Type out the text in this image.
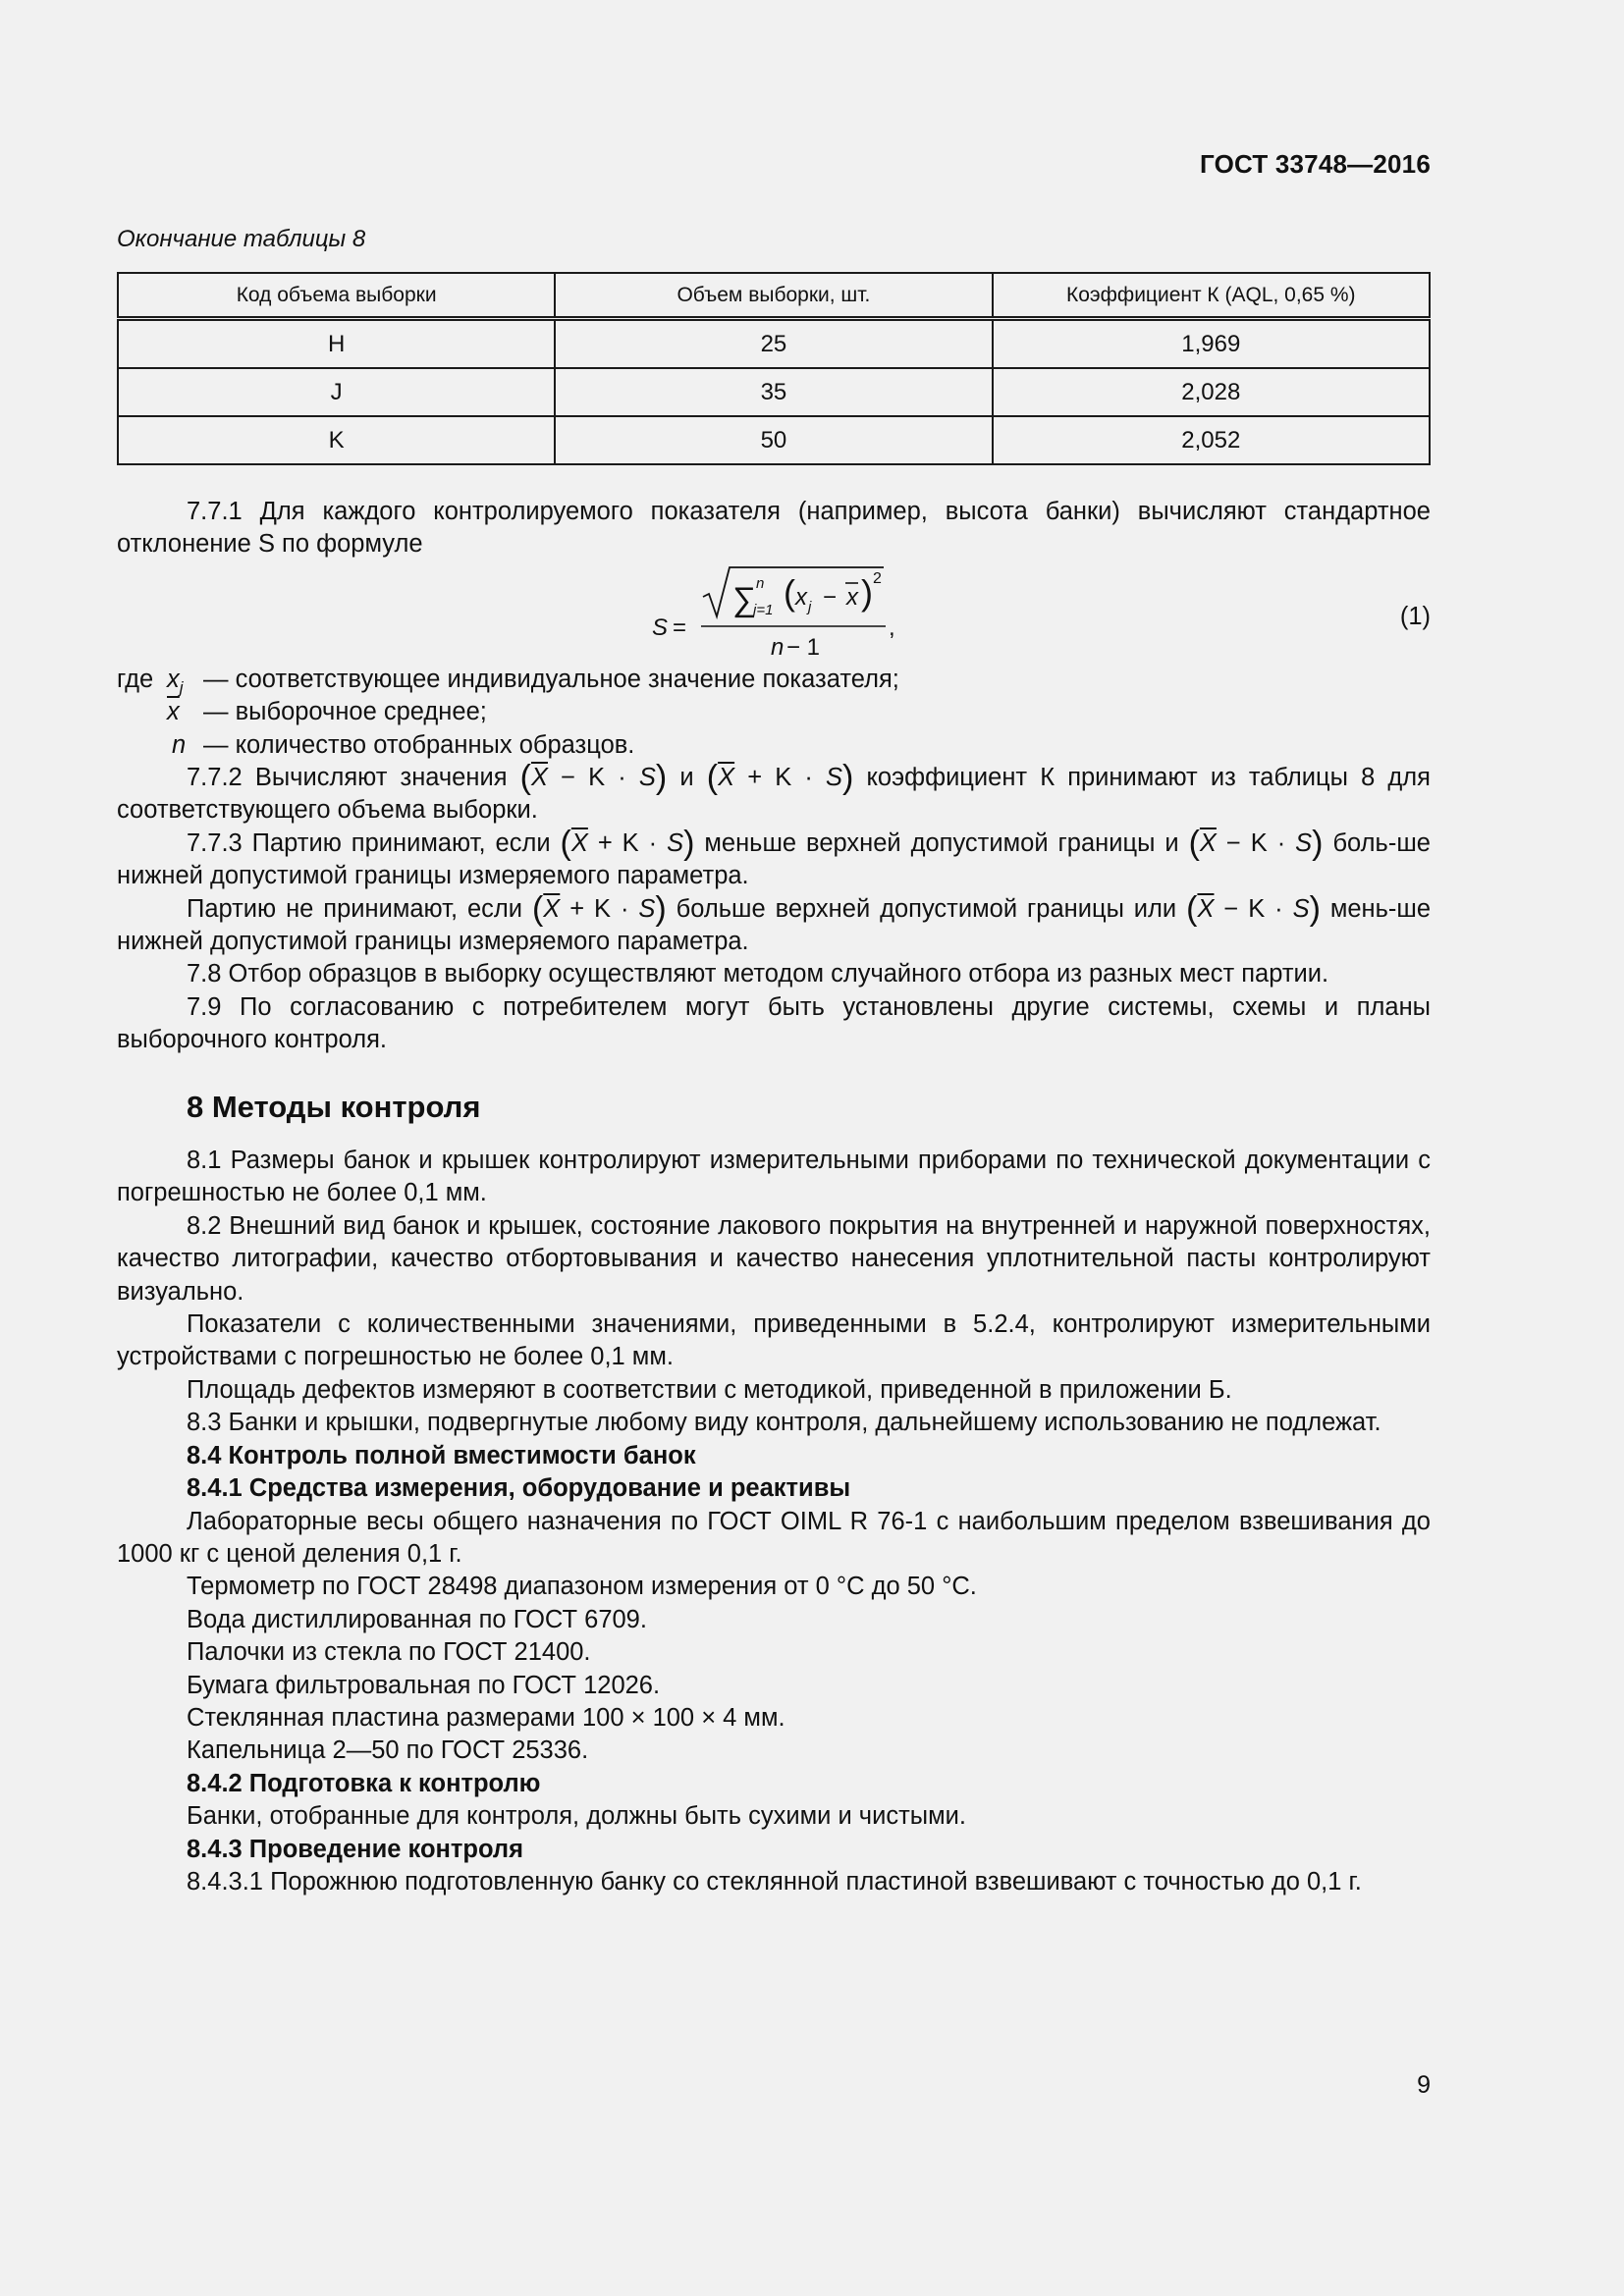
ГОСТ 33748—2016
Окончание таблицы 8
Код объема выборки	Объем выборки, шт.	Коэффициент К (AQL, 0,65 %)
H	25	1,969
J	35	2,028
K	50	2,052

7.7.1 Для каждого контролируемого показателя (например, высота банки) вычисляют стандартное отклонение S по формуле

S =
∑ n
j=1 ( x j − x ) 2
n − 1
,	(1)
где $x_j$ — соответствующее индивидуальное значение показателя;
$\overline{x}$ — выборочное среднее;
n — количество отобранных образцов.

7.7.2 Вычисляют значения $(\overline{X} - K \cdot S)$ и $(\overline{X} + K \cdot S)$ коэффициент К принимают из таблицы 8 для соответствующего объема выборки.

7.7.3 Партию принимают, если $(\overline{X} + K \cdot S)$ меньше верхней допустимой границы и $(\overline{X} - K \cdot S)$ боль-ше нижней допустимой границы измеряемого параметра.

Партию не принимают, если $(\overline{X} + K \cdot S)$ больше верхней допустимой границы или $(\overline{X} - K \cdot S)$ мень-ше нижней допустимой границы измеряемого параметра.

7.8 Отбор образцов в выборку осуществляют методом случайного отбора из разных мест партии.

7.9 По согласованию с потребителем могут быть установлены другие системы, схемы и планы выборочного контроля.

8 Методы контроля

8.1 Размеры банок и крышек контролируют измерительными приборами по технической документации с погрешностью не более 0,1 мм.

8.2 Внешний вид банок и крышек, состояние лакового покрытия на внутренней и наружной поверхностях, качество литографии, качество отбортовывания и качество нанесения уплотнительной пасты контролируют визуально.

Показатели с количественными значениями, приведенными в 5.2.4, контролируют измерительными устройствами с погрешностью не более 0,1 мм.

Площадь дефектов измеряют в соответствии с методикой, приведенной в приложении Б.

8.3 Банки и крышки, подвергнутые любому виду контроля, дальнейшему использованию не подлежат.

8.4 Контроль полной вместимости банок

8.4.1 Средства измерения, оборудование и реактивы

Лабораторные весы общего назначения по ГОСТ OIML R 76-1 с наибольшим пределом взвешивания до 1000 кг с ценой деления 0,1 г.

Термометр по ГОСТ 28498 диапазоном измерения от 0 °С до 50 °С.

Вода дистиллированная по ГОСТ 6709.

Палочки из стекла по ГОСТ 21400.

Бумага фильтровальная по ГОСТ 12026.

Стеклянная пластина размерами 100 × 100 × 4 мм.

Капельница 2—50 по ГОСТ 25336.

8.4.2 Подготовка к контролю

Банки, отобранные для контроля, должны быть сухими и чистыми.

8.4.3 Проведение контроля

8.4.3.1 Порожнюю подготовленную банку со стеклянной пластиной взвешивают с точностью до 0,1 г.

9
